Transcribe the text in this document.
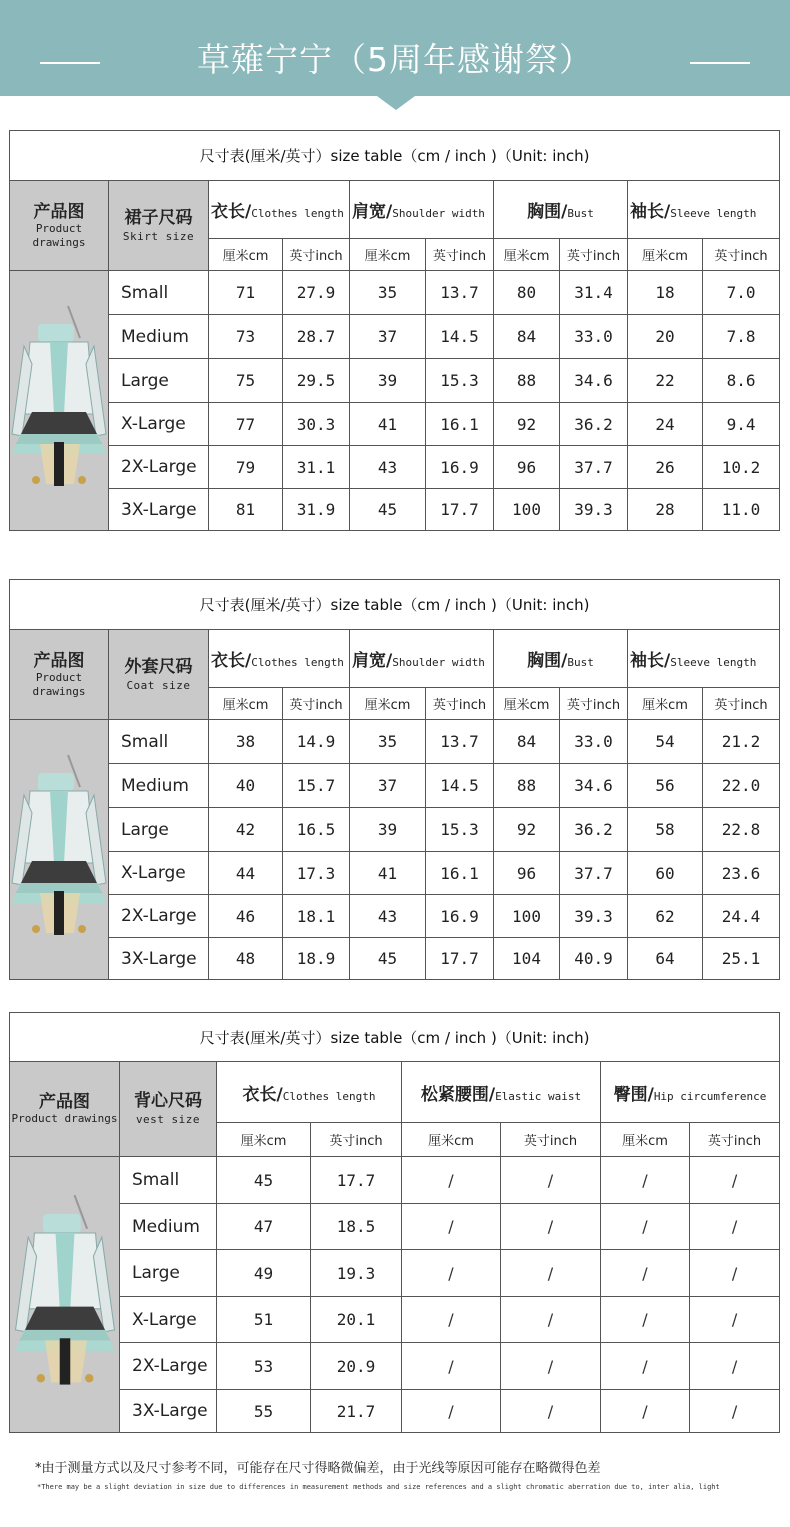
草薙宁宁（5周年感谢祭）
尺寸表(厘米/英寸）size table（cm / inch )（Unit: inch)									

产品图
Product drawings	裙子尺码
Skirt size	衣长/Clothes length		肩宽/Shoulder width		胸围/Bust		袖长/Sleeve length	
		厘米cm	英寸inch	厘米cm	英寸inch	厘米cm	英寸inch	厘米cm	英寸inch
	Small	71	27.9	35	13.7	80	31.4	18	7.0
	Medium	73	28.7	37	14.5	84	33.0	20	7.8
	Large	75	29.5	39	15.3	88	34.6	22	8.6
	X-Large	77	30.3	41	16.1	92	36.2	24	9.4
	2X-Large	79	31.1	43	16.9	96	37.7	26	10.2
	3X-Large	81	31.9	45	17.7	100	39.3	28	11.0
尺寸表(厘米/英寸）size table（cm / inch )（Unit: inch)									

产品图
Product drawings	外套尺码
Coat size	衣长/Clothes length		肩宽/Shoulder width		胸围/Bust		袖长/Sleeve length	
		厘米cm	英寸inch	厘米cm	英寸inch	厘米cm	英寸inch	厘米cm	英寸inch
	Small	38	14.9	35	13.7	84	33.0	54	21.2
	Medium	40	15.7	37	14.5	88	34.6	56	22.0
	Large	42	16.5	39	15.3	92	36.2	58	22.8
	X-Large	44	17.3	41	16.1	96	37.7	60	23.6
	2X-Large	46	18.1	43	16.9	100	39.3	62	24.4
	3X-Large	48	18.9	45	17.7	104	40.9	64	25.1
尺寸表(厘米/英寸）size table（cm / inch )（Unit: inch)							

产品图
Product drawings	背心尺码
vest size	衣长/Clothes length		松紧腰围/Elastic waist		臀围/Hip circumference	
		厘米cm	英寸inch	厘米cm	英寸inch	厘米cm	英寸inch
	Small	45	17.7	/	/	/	/
	Medium	47	18.5	/	/	/	/
	Large	49	19.3	/	/	/	/
	X-Large	51	20.1	/	/	/	/
	2X-Large	53	20.9	/	/	/	/
	3X-Large	55	21.7	/	/	/	/
*由于测量方式以及尺寸参考不同，可能存在尺寸得略微偏差，由于光线等原因可能存在略微得色差
*There may be a slight deviation in size due to differences in measurement methods and size references and a slight chromatic aberration due to, inter alia, light
